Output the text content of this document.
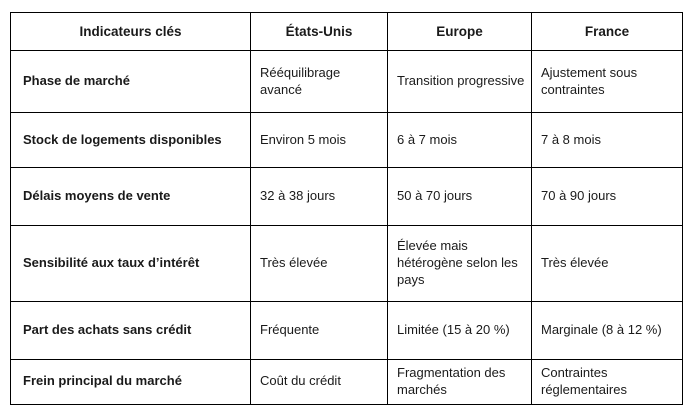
Indicateurs clés	États-Unis	Europe	France
Phase de marché	Rééquilibrage avancé	Transition progressive	Ajustement sous contraintes
Stock de logements disponibles	Environ 5 mois	6 à 7 mois	7 à 8 mois
Délais moyens de vente	32 à 38 jours	50 à 70 jours	70 à 90 jours
Sensibilité aux taux d’intérêt	Très élevée	Élevée mais hétérogène selon les pays	Très élevée
Part des achats sans crédit	Fréquente	Limitée (15 à 20 %)	Marginale (8 à 12 %)
Frein principal du marché	Coût du crédit	Fragmentation des marchés	Contraintes réglementaires
